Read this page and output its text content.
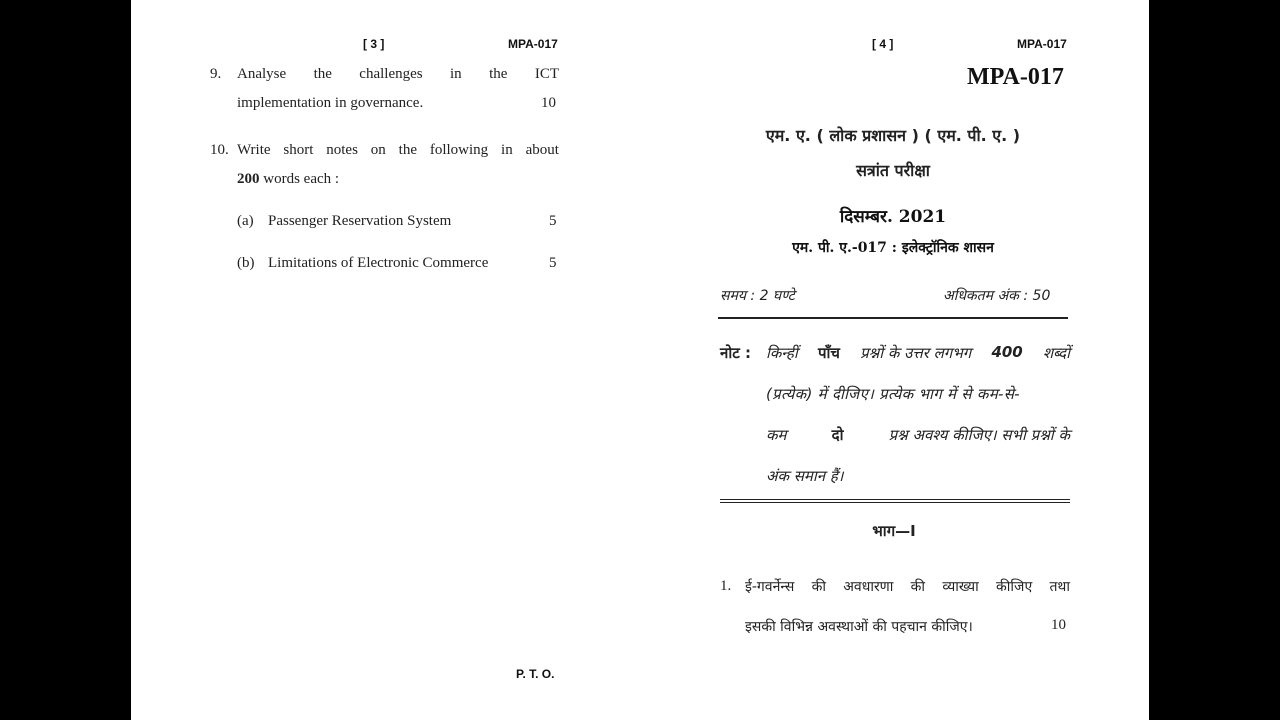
[ 3 ]	MPA-017
9. Analyse the challenges in the ICT
implementation in governance.	10
10. Write short notes on the following in about
200 words each :
(a) Passenger Reservation System	5
(b) Limitations of Electronic Commerce	5
P. T. O.
[ 4 ]	MPA-017
MPA-017
एम. ए. ( लोक प्रशासन ) ( एम. पी. ए. )
सत्रांत परीक्षा
दिसम्बर. 2021
एम. पी. ए.-017 : इलेक्ट्रॉनिक शासन
समय : 2 घण्टे	अधिकतम अंक : 50
नोट : किन्हीं पाँच प्रश्नों के उत्तर लगभग 400 शब्दों
(प्रत्येक) में दीजिए। प्रत्येक भाग में से कम-से-
कम	दो	प्रश्न अवश्य कीजिए। सभी प्रश्नों के
अंक समान हैं।
भाग—I
1. ई-गवर्नेन्स की अवधारणा की व्याख्या कीजिए तथा
इसकी विभिन्न अवस्थाओं की पहचान कीजिए।	10
